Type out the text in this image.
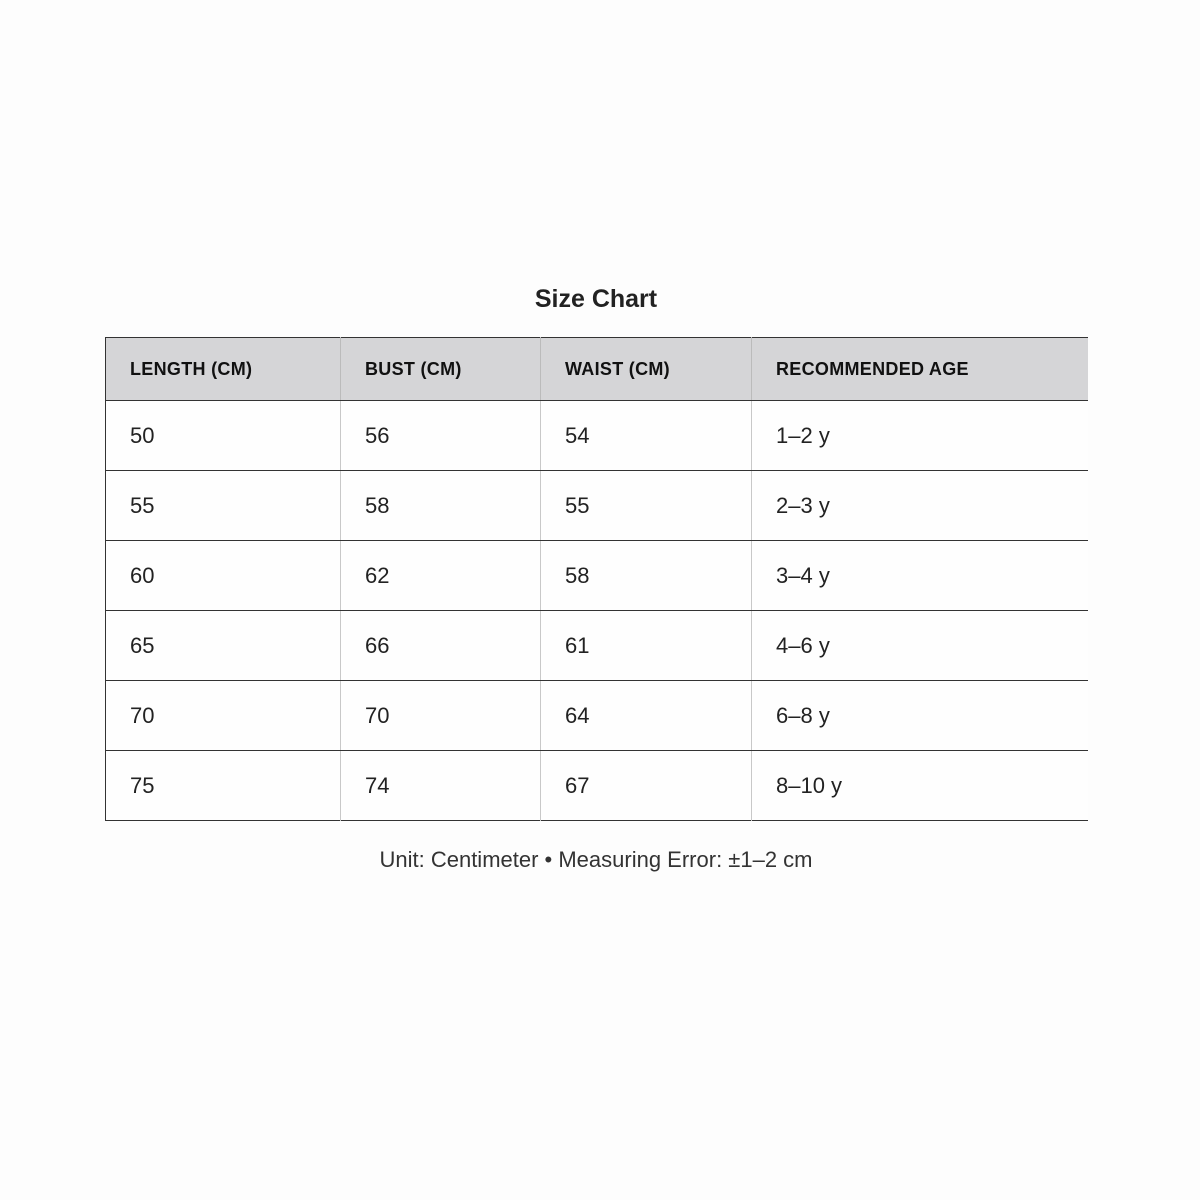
Size Chart
LENGTH (CM)	BUST (CM)	WAIST (CM)	RECOMMENDED AGE
50	56	54	1–2 y
55	58	55	2–3 y
60	62	58	3–4 y
65	66	61	4–6 y
70	70	64	6–8 y
75	74	67	8–10 y
Unit: Centimeter • Measuring Error: ±1–2 cm
